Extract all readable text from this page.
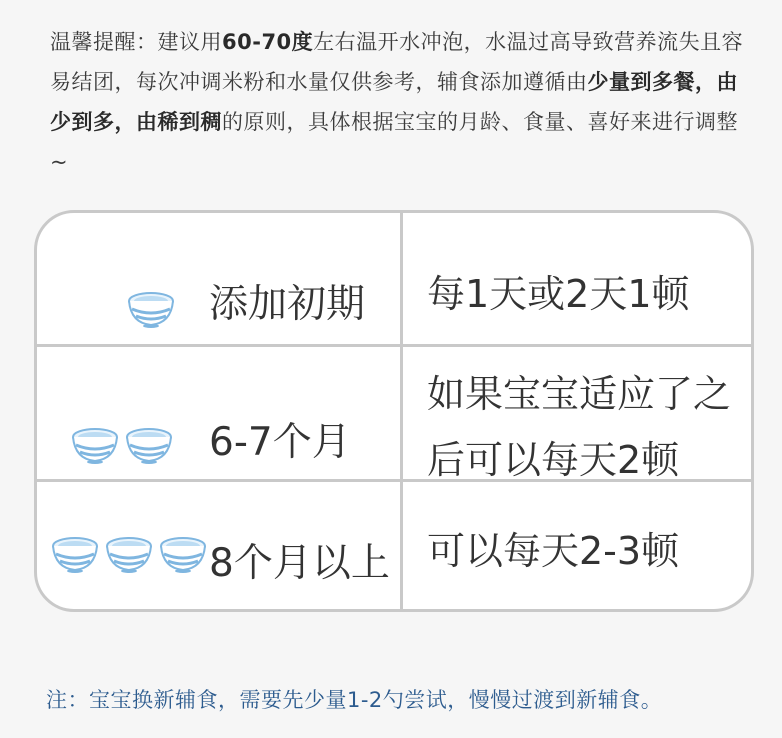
温馨提醒：建议用60-70度左右温开水冲泡，水温过高导致营养流失且容易结团，每次冲调米粉和水量仅供参考，辅食添加遵循由少量到多餐，由少到多，由稀到稠的原则，具体根据宝宝的月龄、食量、喜好来进行调整~
添加初期 每1天或2天1顿
6-7个月
如果宝宝适应了之
后可以每天2顿
8个月以上 可以每天2-3顿
注：宝宝换新辅食，需要先少量1-2勺尝试，慢慢过渡到新辅食。
